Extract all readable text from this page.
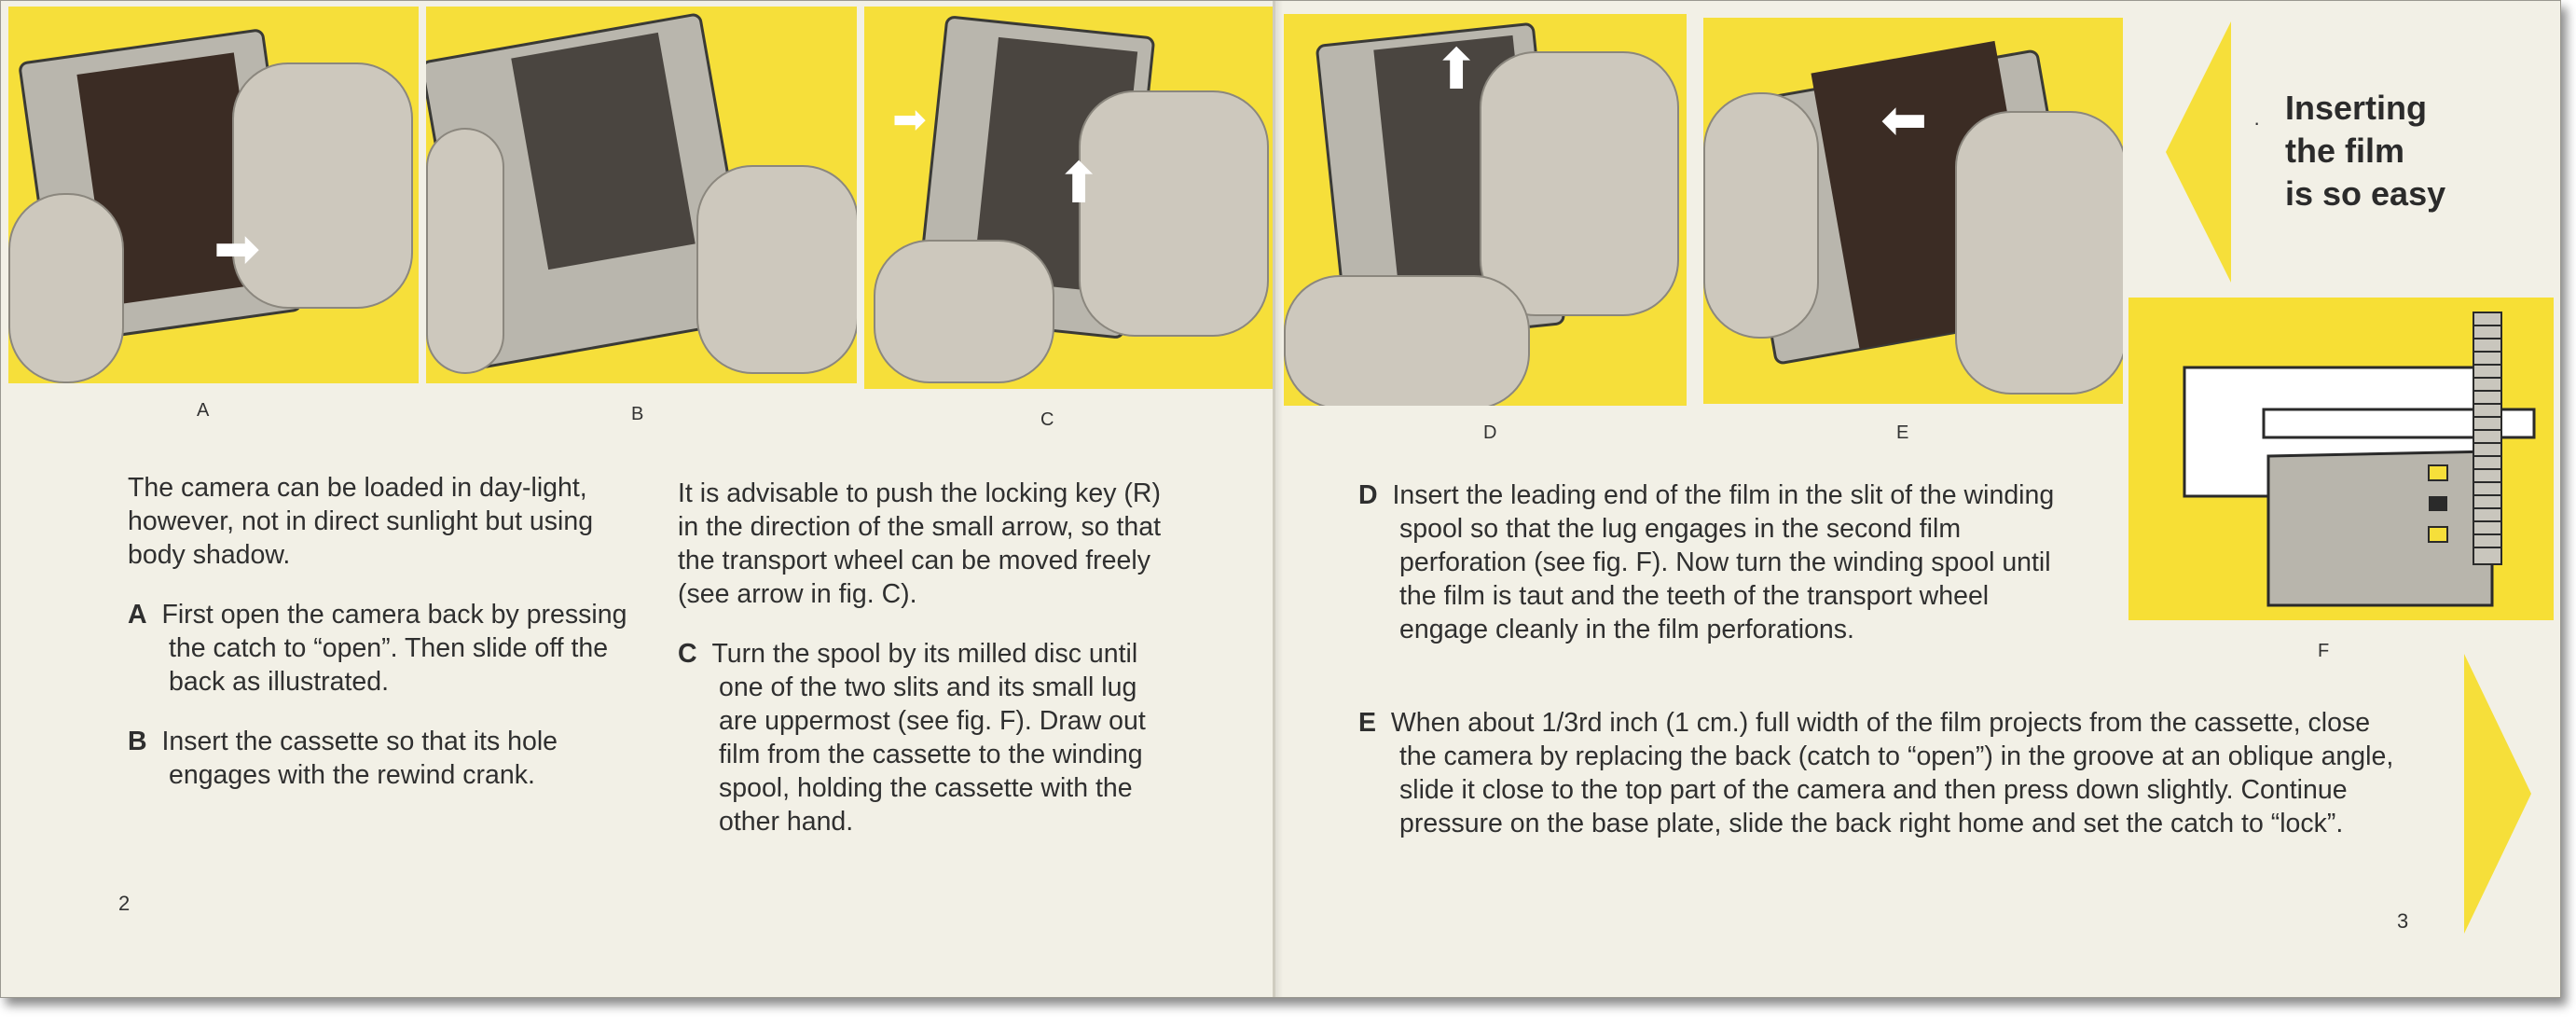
➡
⬆
➡
A	B	C

The camera can be loaded in day-light, however, not in direct sunlight but using body shadow.

A First open the camera back by pressing the catch to “open”. Then slide off the back as illustrated.

B Insert the cassette so that its hole engages with the rewind crank.

It is advisable to push the locking key (R) in the direction of the small arrow, so that the transport wheel can be moved freely (see arrow in fig. C).

C Turn the spool by its milled disc until one of the two slits and its small lug are uppermost (see fig. F). Draw out film from the cassette to the winding spool, holding the cassette with the other hand.

2
⬆
⬅	· Inserting
the film
is so easy
F
D	E

D Insert the leading end of the film in the slit of the winding spool so that the lug engages in the second film perforation (see fig. F). Now turn the winding spool until the film is taut and the teeth of the transport wheel engage cleanly in the film perforations.

E When about 1/3rd inch (1 cm.) full width of the film projects from the cassette, close the camera by replacing the back (catch to “open”) in the groove at an oblique angle, slide it close to the top part of the camera and then press down slightly. Continue pressure on the base plate, slide the back right home and set the catch to “lock”.

3
